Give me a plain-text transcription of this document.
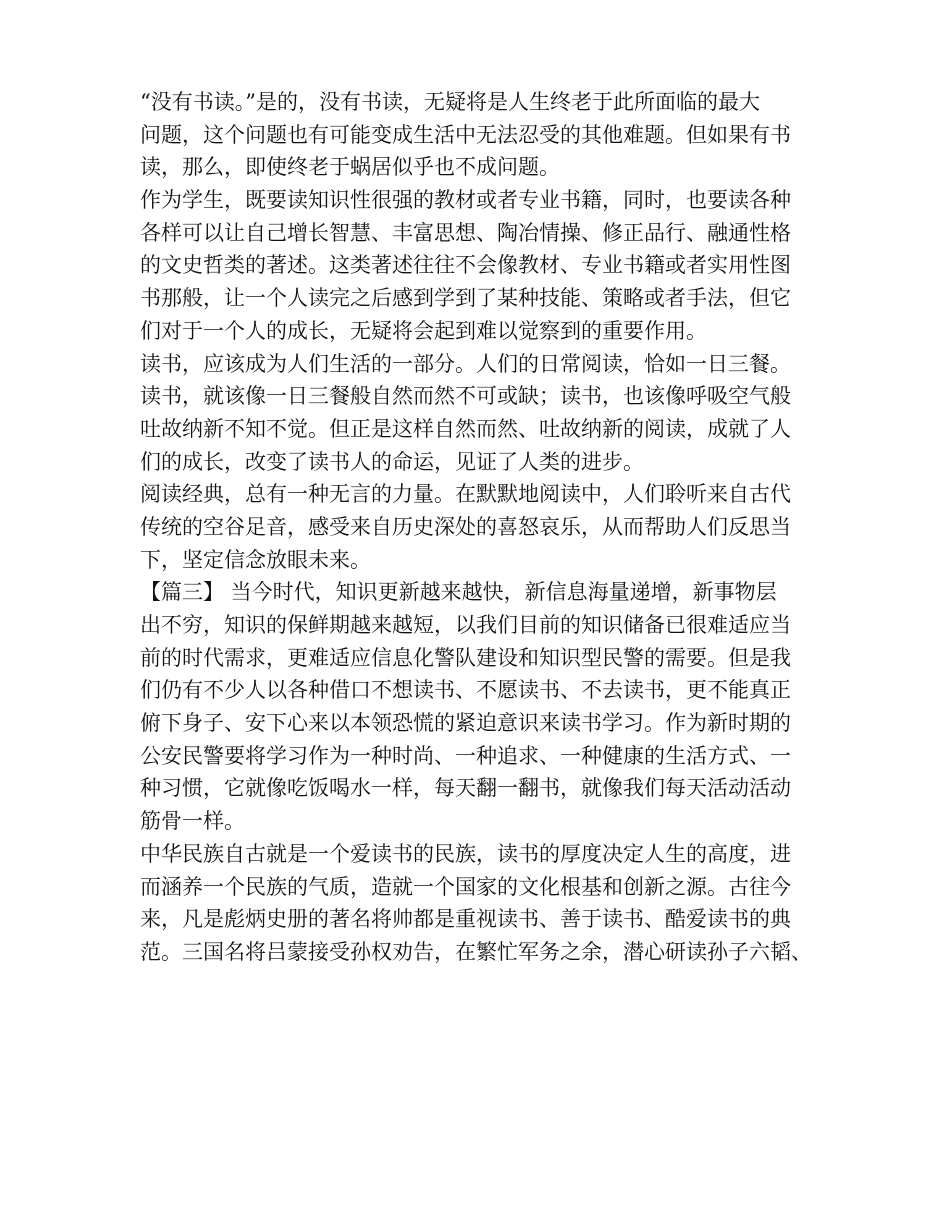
“没有书读。”是的，没有书读，无疑将是人生终老于此所面临的最大
问题，这个问题也有可能变成生活中无法忍受的其他难题。但如果有书
读，那么，即使终老于蜗居似乎也不成问题。
作为学生，既要读知识性很强的教材或者专业书籍，同时，也要读各种
各样可以让自己增长智慧、丰富思想、陶冶情操、修正品行、融通性格
的文史哲类的著述。这类著述往往不会像教材、专业书籍或者实用性图
书那般，让一个人读完之后感到学到了某种技能、策略或者手法，但它
们对于一个人的成长，无疑将会起到难以觉察到的重要作用。
读书，应该成为人们生活的一部分。人们的日常阅读，恰如一日三餐。
读书，就该像一日三餐般自然而然不可或缺；读书，也该像呼吸空气般
吐故纳新不知不觉。但正是这样自然而然、吐故纳新的阅读，成就了人
们的成长，改变了读书人的命运，见证了人类的进步。
阅读经典，总有一种无言的力量。在默默地阅读中，人们聆听来自古代
传统的空谷足音，感受来自历史深处的喜怒哀乐，从而帮助人们反思当
下，坚定信念放眼未来。
【篇三】 当今时代，知识更新越来越快，新信息海量递增，新事物层
出不穷，知识的保鲜期越来越短，以我们目前的知识储备已很难适应当
前的时代需求，更难适应信息化警队建设和知识型民警的需要。但是我
们仍有不少人以各种借口不想读书、不愿读书、不去读书，更不能真正
俯下身子、安下心来以本领恐慌的紧迫意识来读书学习。作为新时期的
公安民警要将学习作为一种时尚、一种追求、一种健康的生活方式、一
种习惯，它就像吃饭喝水一样，每天翻一翻书，就像我们每天活动活动
筋骨一样。
中华民族自古就是一个爱读书的民族，读书的厚度决定人生的高度，进
而涵养一个民族的气质，造就一个国家的文化根基和创新之源。古往今
来，凡是彪炳史册的著名将帅都是重视读书、善于读书、酷爱读书的典
范。三国名将吕蒙接受孙权劝告，在繁忙军务之余，潜心研读孙子六韬、
